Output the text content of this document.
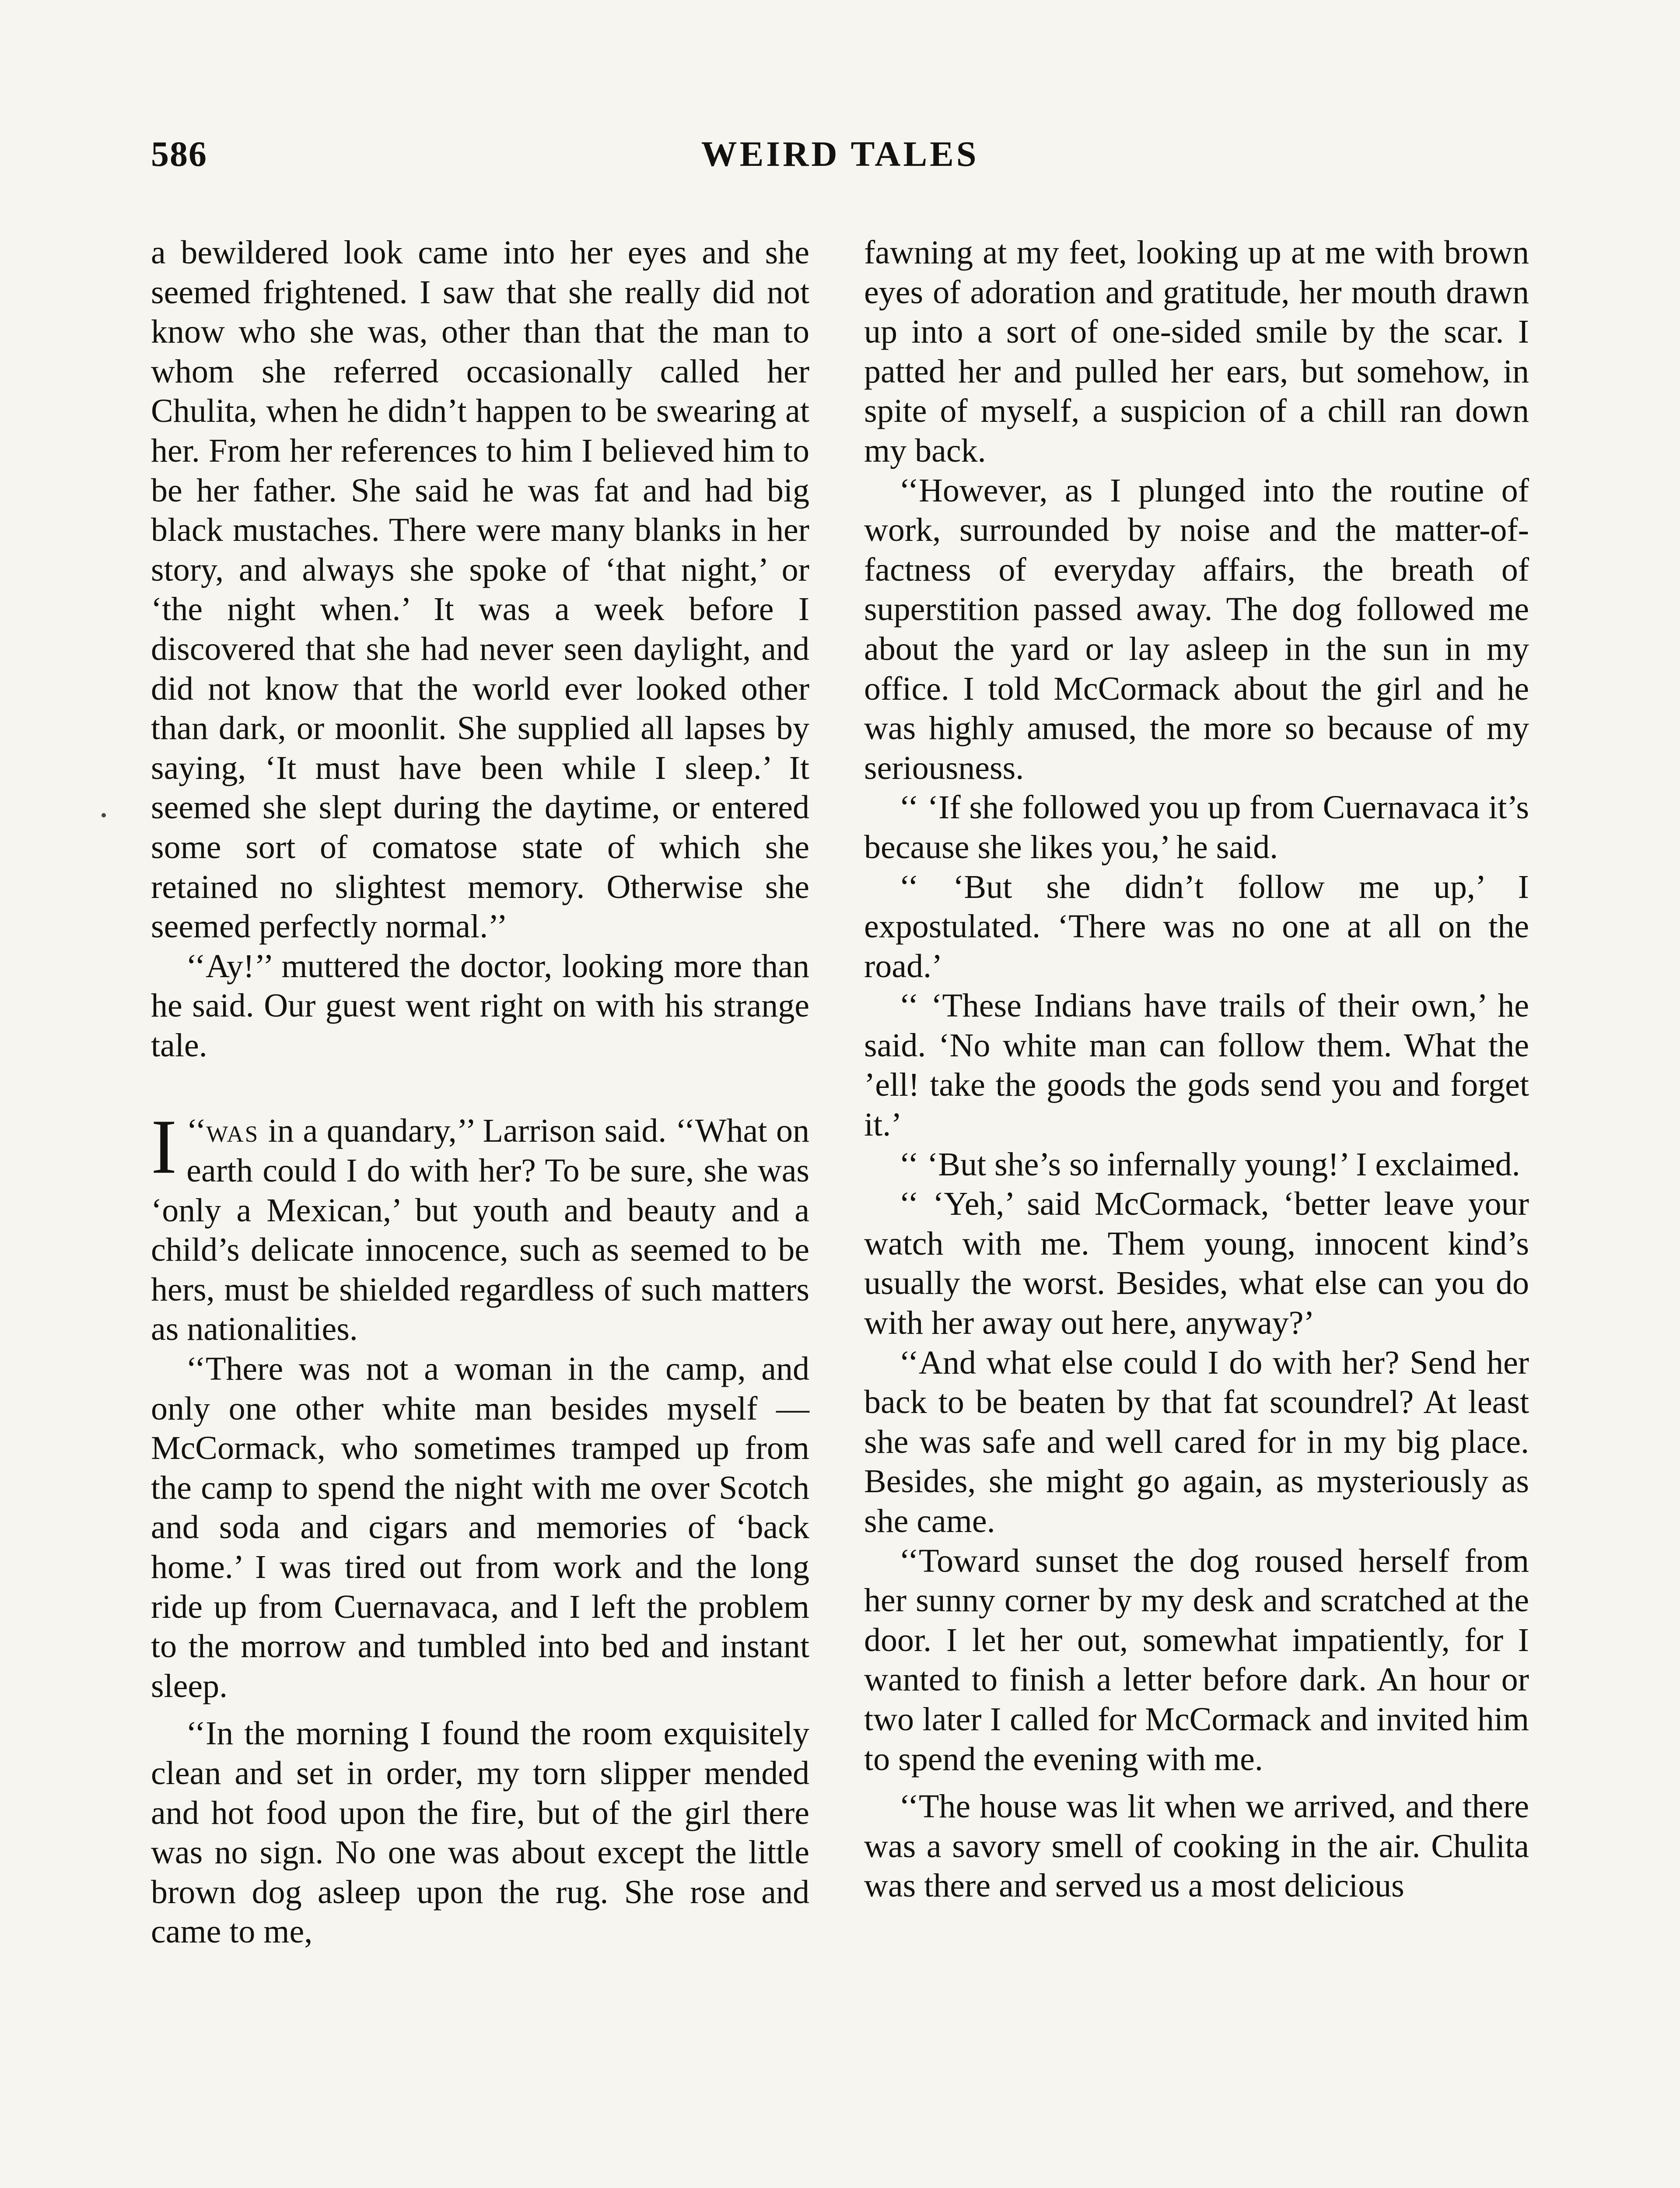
586	WEIRD TALES

a bewildered look came into her eyes and she seemed frightened. I saw that she really did not know who she was, other than that the man to whom she referred occasionally called her Chulita, when he didn’t happen to be swearing at her. From her references to him I believed him to be her father. She said he was fat and had big black mustaches. There were many blanks in her story, and always she spoke of ‘that night,’ or ‘the night when.’ It was a week before I discovered that she had never seen daylight, and did not know that the world ever looked other than dark, or moonlit. She supplied all lapses by saying, ‘It must have been while I sleep.’ It seemed she slept during the daytime, or entered some sort of comatose state of which she retained no slightest memory. Otherwise she seemed perfectly normal.’’

‘‘Ay!’’ muttered the doctor, looking more than he said. Our guest went right on with his strange tale.

‘‘
I was in a quandary,’’ Larrison said. ‘‘What on earth could I do with her? To be sure, she was ‘only a Mexican,’ but youth and beauty and a child’s delicate innocence, such as seemed to be hers, must be shielded regardless of such matters as nationalities.

‘‘There was not a woman in the camp, and only one other white man besides myself — McCormack, who sometimes tramped up from the camp to spend the night with me over Scotch and soda and cigars and memories of ‘back home.’ I was tired out from work and the long ride up from Cuernavaca, and I left the problem to the morrow and tumbled into bed and instant sleep.

‘‘In the morning I found the room exquisitely clean and set in order, my torn slipper mended and hot food upon the fire, but of the girl there was no sign. No one was about except the little brown dog asleep upon the rug. She rose and came to me,

fawning at my feet, looking up at me with brown eyes of adoration and gratitude, her mouth drawn up into a sort of one-sided smile by the scar. I patted her and pulled her ears, but somehow, in spite of myself, a suspicion of a chill ran down my back.

‘‘However, as I plunged into the routine of work, surrounded by noise and the matter-of-factness of everyday affairs, the breath of superstition passed away. The dog followed me about the yard or lay asleep in the sun in my office. I told McCormack about the girl and he was highly amused, the more so because of my seriousness.

‘‘ ‘If she followed you up from Cuernavaca it’s because she likes you,’ he said.

‘‘ ‘But she didn’t follow me up,’ I expostulated. ‘There was no one at all on the road.’

‘‘ ‘These Indians have trails of their own,’ he said. ‘No white man can follow them. What the ’ell! take the goods the gods send you and forget it.’

‘‘ ‘But she’s so infernally young!’ I exclaimed.

‘‘ ‘Yeh,’ said McCormack, ‘better leave your watch with me. Them young, innocent kind’s usually the worst. Besides, what else can you do with her away out here, anyway?’

‘‘And what else could I do with her? Send her back to be beaten by that fat scoundrel? At least she was safe and well cared for in my big place. Besides, she might go again, as mysteriously as she came.

‘‘Toward sunset the dog roused herself from her sunny corner by my desk and scratched at the door. I let her out, somewhat impatiently, for I wanted to finish a letter before dark. An hour or two later I called for McCormack and invited him to spend the evening with me.

‘‘The house was lit when we arrived, and there was a savory smell of cooking in the air. Chulita was there and served us a most delicious
